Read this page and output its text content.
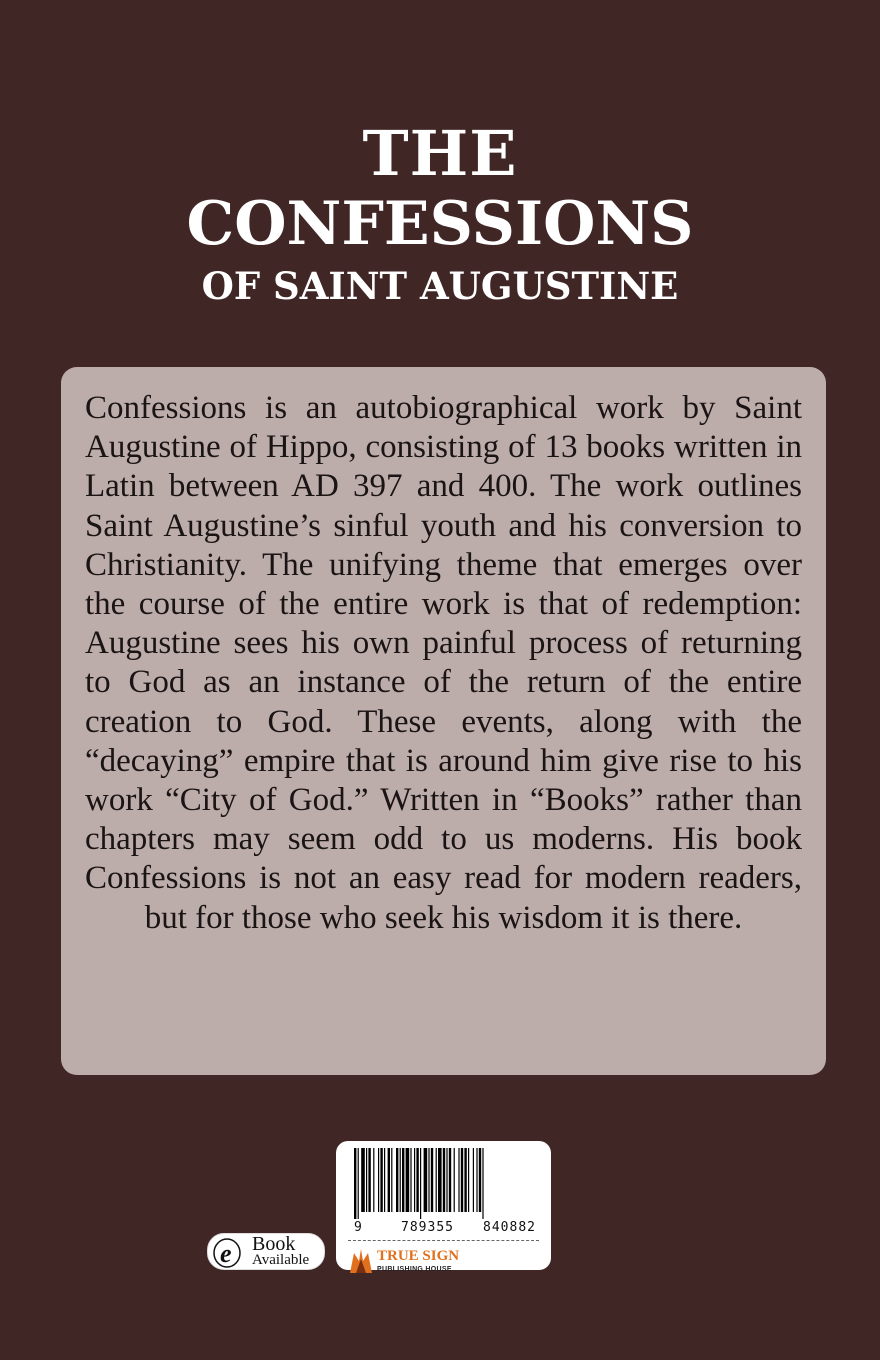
THE
CONFESSIONS
OF SAINT AUGUSTINE

Confessions is an autobiographical work by Saint Augustine of Hippo, consisting of 13 books written in Latin between AD 397 and 400. The work outlines Saint Augustine’s sinful youth and his conversion to Christianity. The unifying theme that emerges over the course of the entire work is that of redemption: Augustine sees his own painful process of returning to God as an instance of the return of the entire creation to God. These events, along with the “decaying” empire that is around him give rise to his work “City of God.” Written in “Books” rather than chapters may seem odd to us moderns. His book Confessions is not an easy read for modern readers, but for those who seek his wisdom it is there.

e Book
Available
9	789355 840882
TRUE SIGN
PUBLISHING HOUSE
